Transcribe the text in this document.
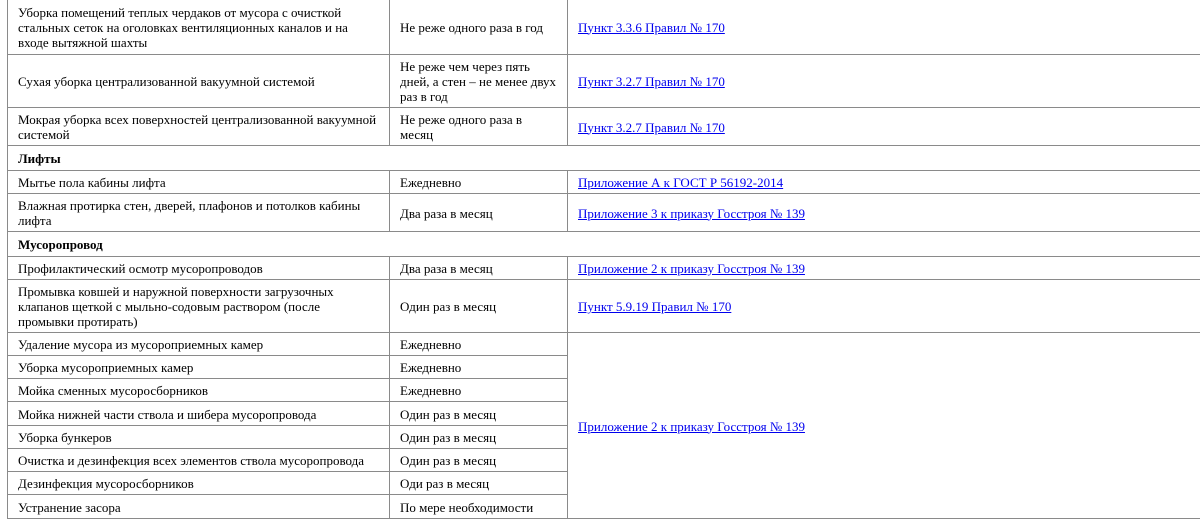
Уборка помещений теплых чердаков от мусора с очисткой стальных сеток на оголовках вентиляционных каналов и на входе вытяжной шахты	Не реже одного раза в год	Пункт 3.3.6 Правил № 170
Сухая уборка централизованной вакуумной системой	Не реже чем через пять дней, а стен – не менее двух раз в год	Пункт 3.2.7 Правил № 170
Мокрая уборка всех поверхностей централизованной вакуумной системой	Не реже одного раза в месяц	Пункт 3.2.7 Правил № 170
Лифты		
Мытье пола кабины лифта	Ежедневно	Приложение А к ГОСТ Р 56192-2014
Влажная протирка стен, дверей, плафонов и потолков кабины лифта	Два раза в месяц	Приложение 3 к приказу Госстроя № 139
Мусоропровод		
Профилактический осмотр мусоропроводов	Два раза в месяц	Приложение 2 к приказу Госстроя № 139
Промывка ковшей и наружной поверхности загрузочных клапанов щеткой с мыльно-содовым раствором (после промывки протирать)	Один раз в месяц	Пункт 5.9.19 Правил № 170
Удаление мусора из мусороприемных камер	Ежедневно	Приложение 2 к приказу Госстроя № 139
Уборка мусороприемных камер	Ежедневно	
Мойка сменных мусоросборников	Ежедневно	
Мойка нижней части ствола и шибера мусоропровода	Один раз в месяц	
Уборка бункеров	Один раз в месяц	
Очистка и дезинфекция всех элементов ствола мусоропровода	Один раз в месяц	
Дезинфекция мусоросборников	Оди раз в месяц	
Устранение засора	По мере необходимости	
